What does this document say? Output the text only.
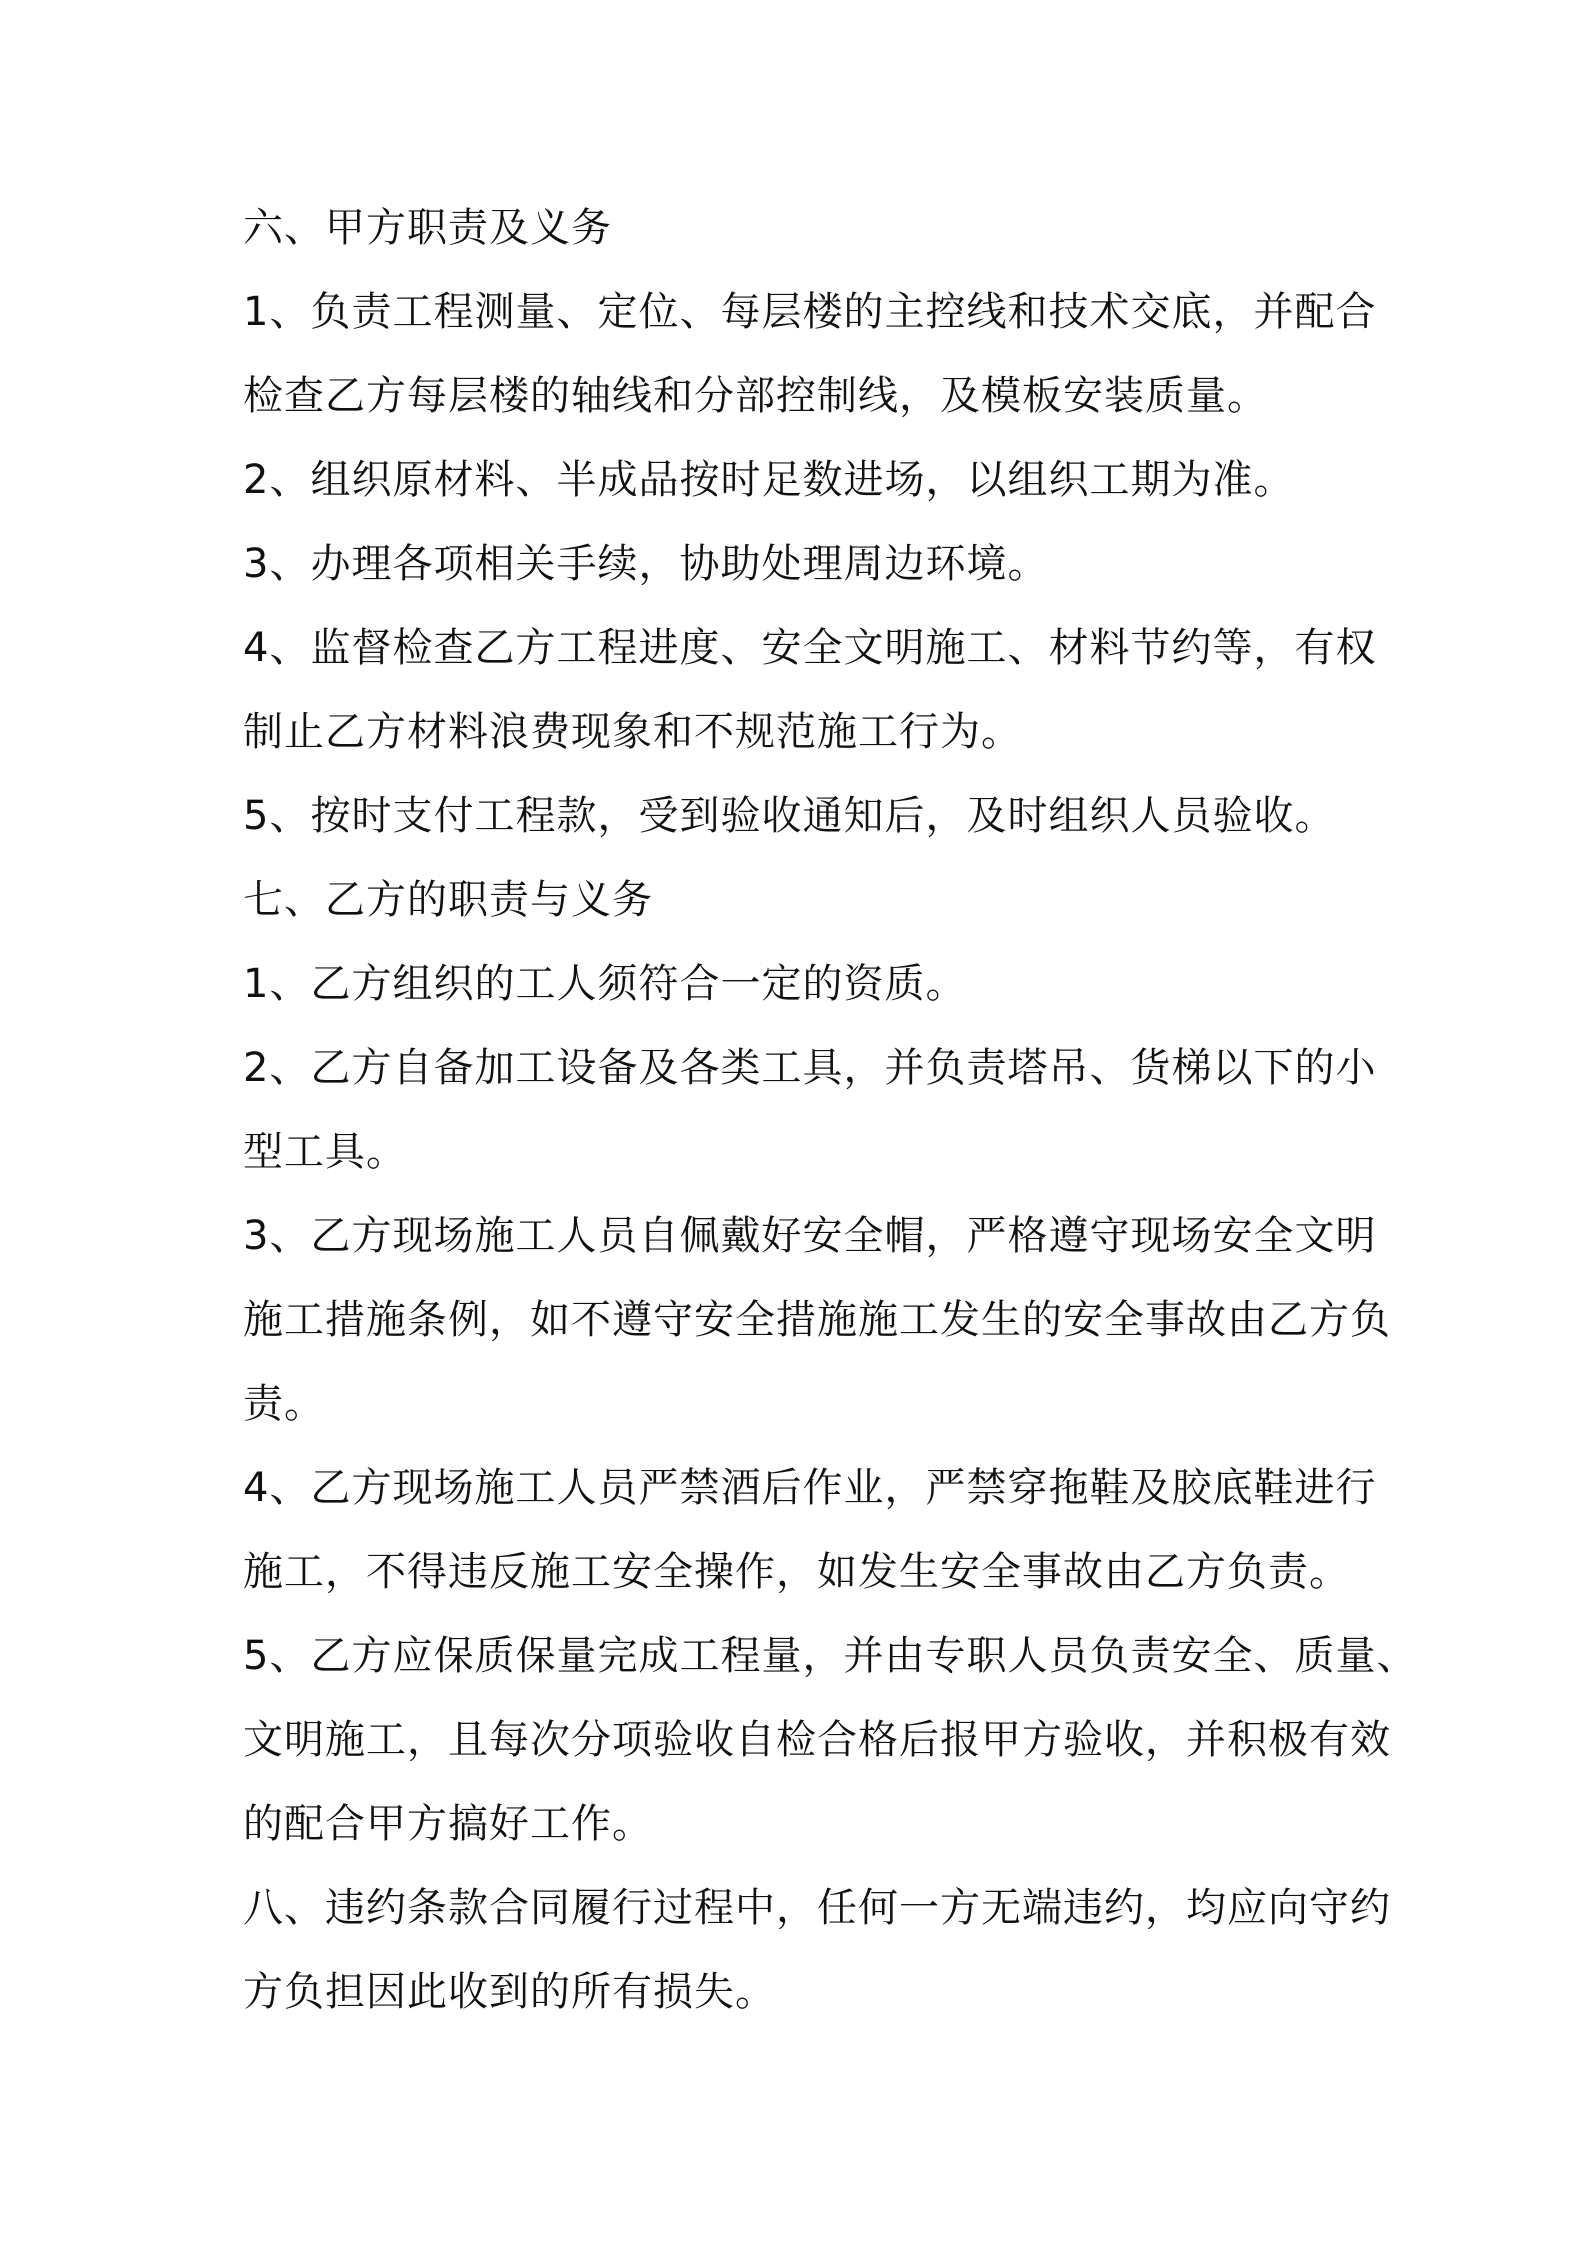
六、甲方职责及义务
1、负责工程测量、定位、每层楼的主控线和技术交底，并配合
检查乙方每层楼的轴线和分部控制线，及模板安装质量。
2、组织原材料、半成品按时足数进场，以组织工期为准。
3、办理各项相关手续，协助处理周边环境。
4、监督检查乙方工程进度、安全文明施工、材料节约等，有权
制止乙方材料浪费现象和不规范施工行为。
5、按时支付工程款，受到验收通知后，及时组织人员验收。
七、乙方的职责与义务
1、乙方组织的工人须符合一定的资质。
2、乙方自备加工设备及各类工具，并负责塔吊、货梯以下的小
型工具。
3、乙方现场施工人员自佩戴好安全帽，严格遵守现场安全文明
施工措施条例，如不遵守安全措施施工发生的安全事故由乙方负
责。
4、乙方现场施工人员严禁酒后作业，严禁穿拖鞋及胶底鞋进行
施工，不得违反施工安全操作，如发生安全事故由乙方负责。
5、乙方应保质保量完成工程量，并由专职人员负责安全、质量、
文明施工，且每次分项验收自检合格后报甲方验收，并积极有效
的配合甲方搞好工作。
八、违约条款合同履行过程中，任何一方无端违约，均应向守约
方负担因此收到的所有损失。
